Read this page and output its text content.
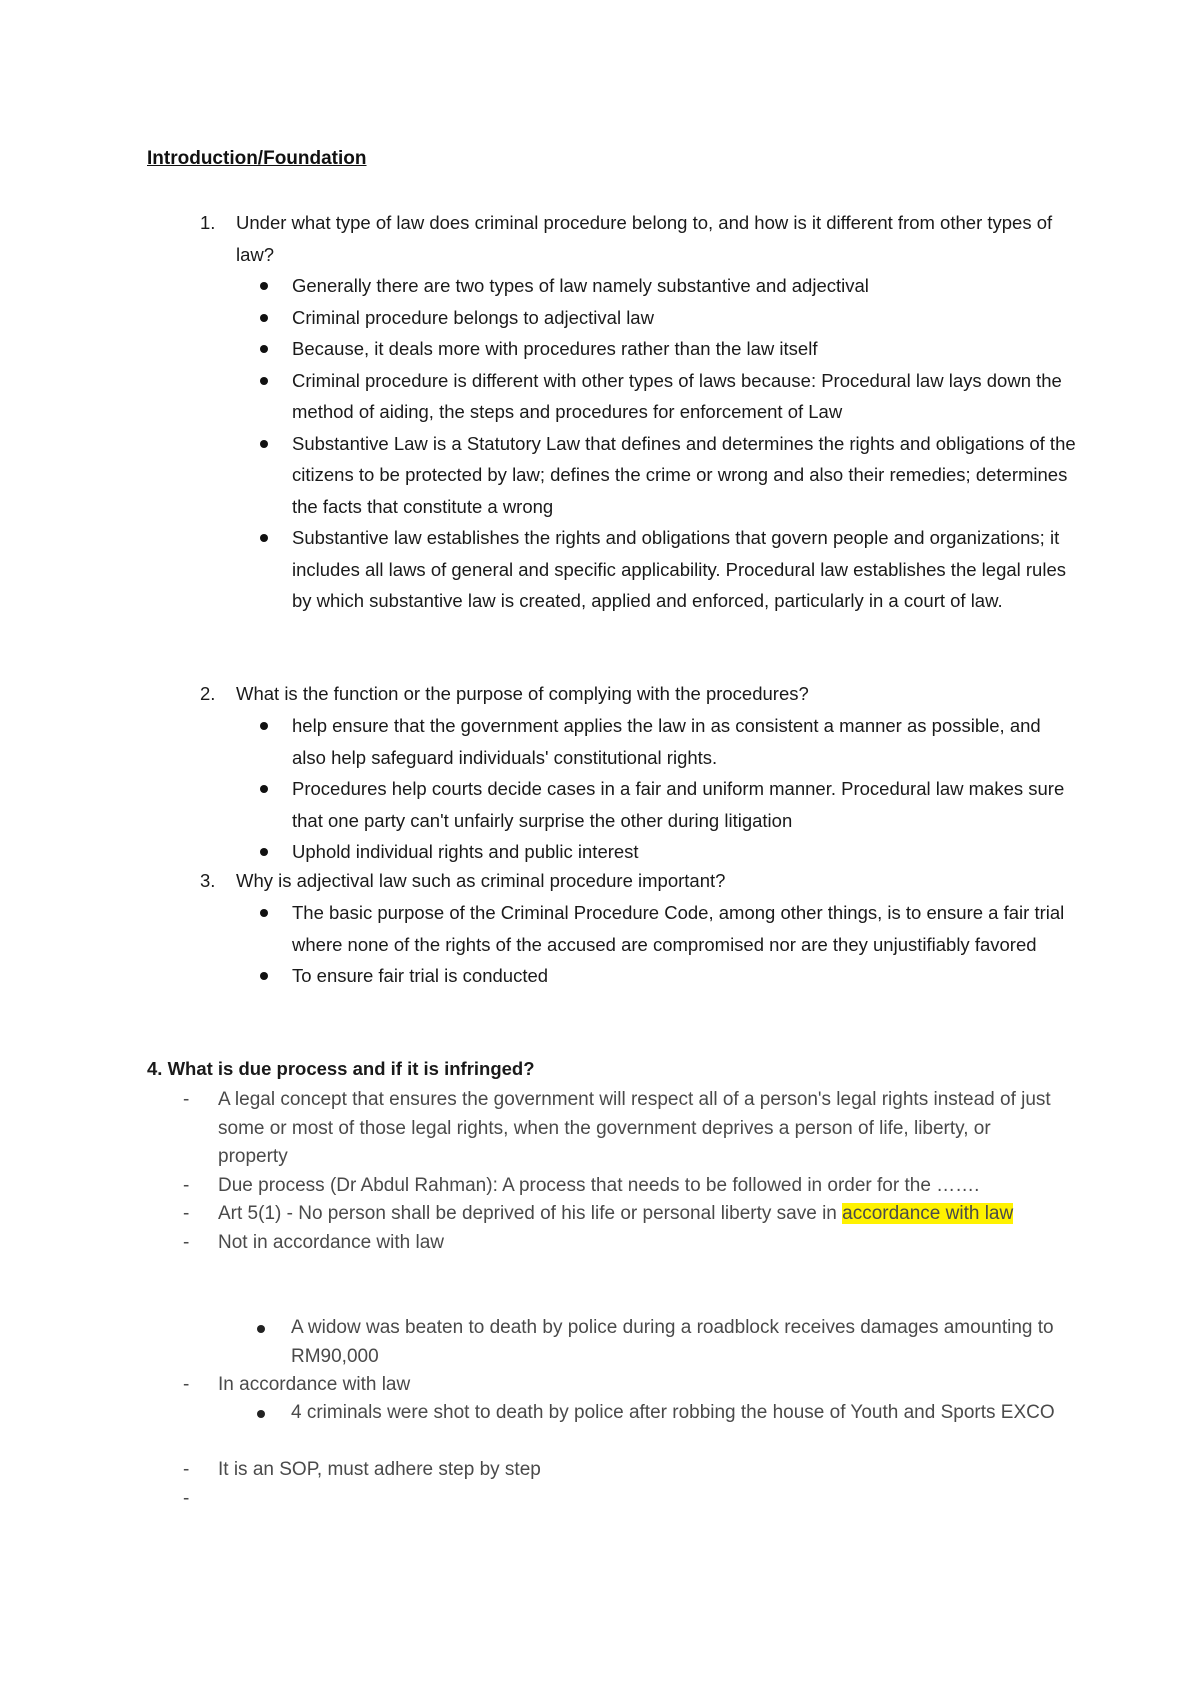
Introduction/Foundation
1.	Under what type of law does criminal procedure belong to, and how is it different from other types of law?
Generally there are two types of law namely substantive and adjectival
Criminal procedure belongs to adjectival law
Because, it deals more with procedures rather than the law itself
Criminal procedure is different with other types of laws because: Procedural law lays down the method of aiding, the steps and procedures for enforcement of Law
Substantive Law is a Statutory Law that defines and determines the rights and obligations of the citizens to be protected by law; defines the crime or wrong and also their remedies; determines the facts that constitute a wrong
Substantive law establishes the rights and obligations that govern people and organizations; it includes all laws of general and specific applicability. Procedural law establishes the legal rules by which substantive law is created, applied and enforced, particularly in a court of law.
2.	What is the function or the purpose of complying with the procedures?
help ensure that the government applies the law in as consistent a manner as possible, and also help safeguard individuals' constitutional rights.
Procedures help courts decide cases in a fair and uniform manner. Procedural law makes sure that one party can't unfairly surprise the other during litigation
Uphold individual rights and public interest
3.	Why is adjectival law such as criminal procedure important?
The basic purpose of the Criminal Procedure Code, among other things, is to ensure a fair trial where none of the rights of the accused are compromised nor are they unjustifiably favored
To ensure fair trial is conducted
4. What is due process and if it is infringed?
- A legal concept that ensures the government will respect all of a person's legal rights instead of just some or most of those legal rights, when the government deprives a person of life, liberty, or property
- Due process (Dr Abdul Rahman): A process that needs to be followed in order for the …….
- Art 5(1) - No person shall be deprived of his life or personal liberty save in accordance with law
- Not in accordance with law
A widow was beaten to death by police during a roadblock receives damages amounting to RM90,000
- In accordance with law
4 criminals were shot to death by police after robbing the house of Youth and Sports EXCO
- It is an SOP, must adhere step by step
-
